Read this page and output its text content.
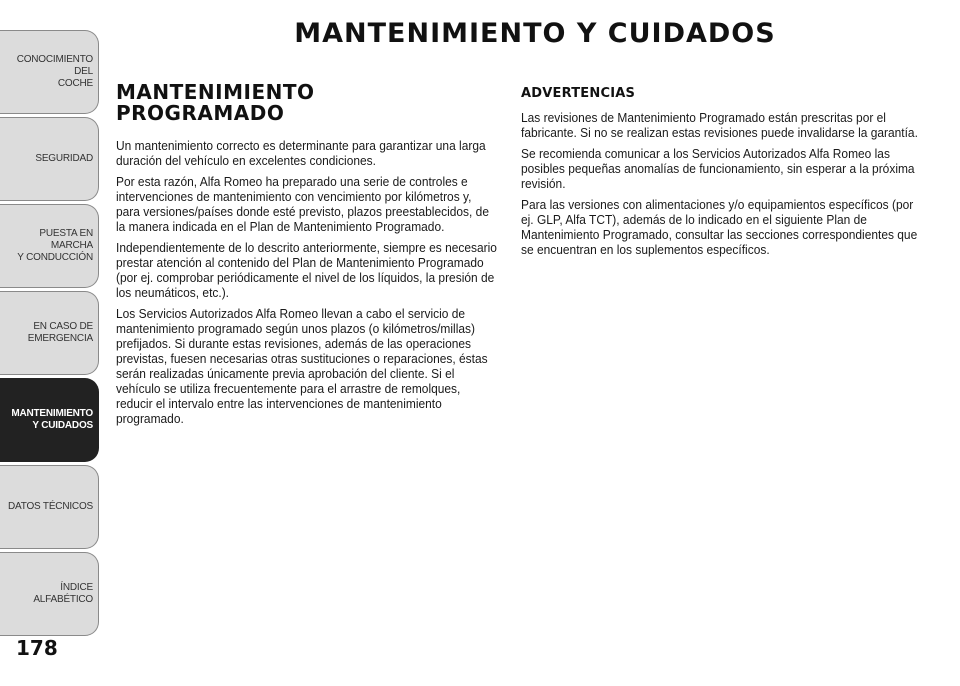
MANTENIMIENTO Y CUIDADOS
CONOCIMIENTO DEL
COCHE
SEGURIDAD
PUESTA EN MARCHA
Y CONDUCCIÓN
EN CASO DE
EMERGENCIA
MANTENIMIENTO
Y CUIDADOS
DATOS TÉCNICOS
ÍNDICE ALFABÉTICO
178
MANTENIMIENTO
PROGRAMADO

Un mantenimiento correcto es determinante para garantizar una larga duración del vehículo en excelentes condiciones.

Por esta razón, Alfa Romeo ha preparado una serie de controles e intervenciones de mantenimiento con vencimiento por kilómetros y, para versiones/países donde esté previsto, plazos preestablecidos, de la manera indicada en el Plan de Mantenimiento Programado.

Independientemente de lo descrito anteriormente, siempre es necesario prestar atención al contenido del Plan de Mantenimiento Programado (por ej. comprobar periódicamente el nivel de los líquidos, la presión de los neumáticos, etc.).

Los Servicios Autorizados Alfa Romeo llevan a cabo el servicio de mantenimiento programado según unos plazos (o kilómetros/millas) prefijados. Si durante estas revisiones, además de las operaciones previstas, fuesen necesarias otras sustituciones o reparaciones, éstas serán realizadas únicamente previa aprobación del cliente. Si el vehículo se utiliza frecuentemente para el arrastre de remolques, reducir el intervalo entre las intervenciones de mantenimiento programado.

ADVERTENCIAS

Las revisiones de Mantenimiento Programado están prescritas por el fabricante. Si no se realizan estas revisiones puede invalidarse la garantía.

Se recomienda comunicar a los Servicios Autorizados Alfa Romeo las posibles pequeñas anomalías de funcionamiento, sin esperar a la próxima revisión.

Para las versiones con alimentaciones y/o equipamientos específicos (por ej. GLP, Alfa TCT), además de lo indicado en el siguiente Plan de Mantenimiento Programado, consultar las secciones correspondientes que se encuentran en los suplementos específicos.
